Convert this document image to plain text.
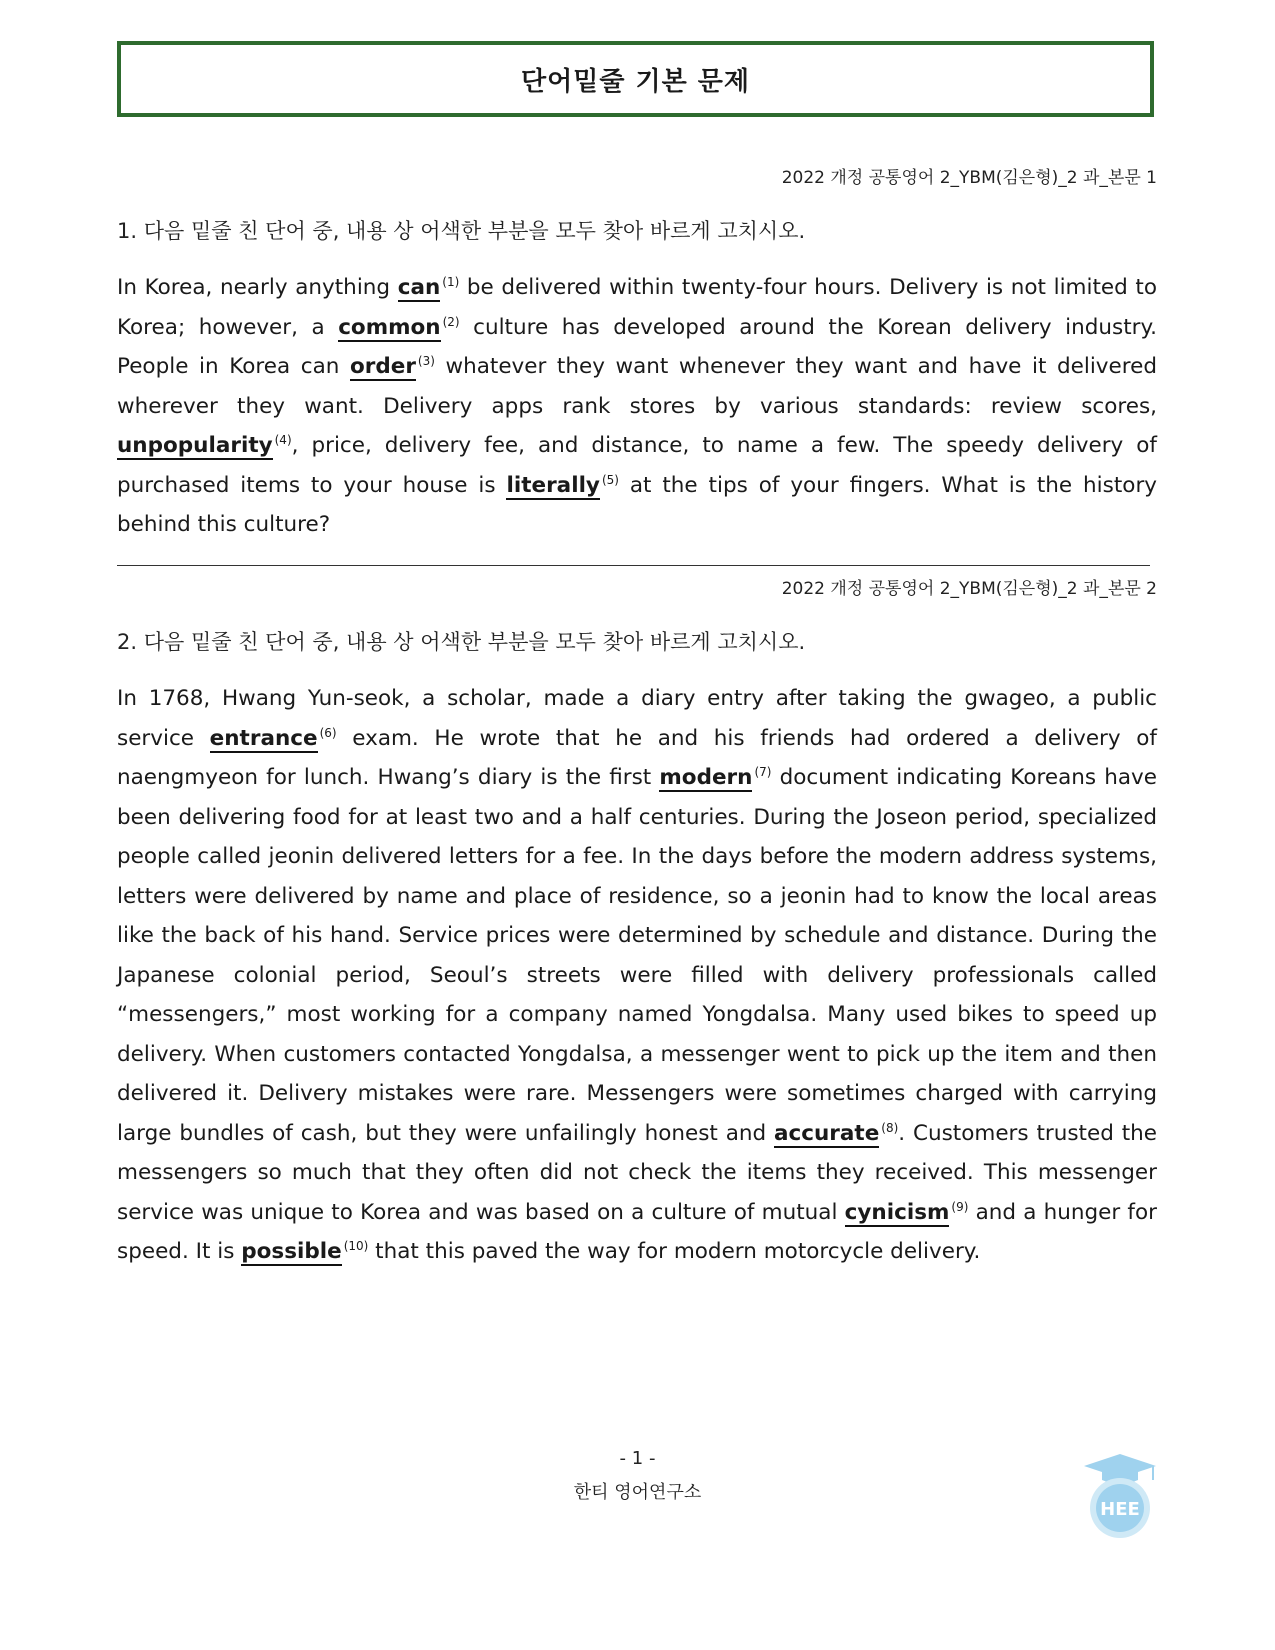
단어밑줄 기본 문제
2022 개정 공통영어 2_YBM(김은형)_2 과_본문 1
1. 다음 밑줄 친 단어 중, 내용 상 어색한 부분을 모두 찾아 바르게 고치시오.

In Korea, nearly anything can $^{(1)}$ be delivered within twenty-four hours. Delivery is not limited to Korea; however, a common $^{(2)}$ culture has developed around the Korean delivery industry. People in Korea can order $^{(3)}$ whatever they want whenever they want and have it delivered wherever they want. Delivery apps rank stores by various standards: review scores, unpopularity $^{(4)}$, price, delivery fee, and distance, to name a few. The speedy delivery of purchased items to your house is literally $^{(5)}$ at the tips of your fingers. What is the history behind this culture?

2022 개정 공통영어 2_YBM(김은형)_2 과_본문 2
2. 다음 밑줄 친 단어 중, 내용 상 어색한 부분을 모두 찾아 바르게 고치시오.

In 1768, Hwang Yun-seok, a scholar, made a diary entry after taking the gwageo, a public service entrance $^{(6)}$ exam. He wrote that he and his friends had ordered a delivery of naengmyeon for lunch. Hwang’s diary is the first modern $^{(7)}$ document indicating Koreans have been delivering food for at least two and a half centuries. During the Joseon period, specialized people called jeonin delivered letters for a fee. In the days before the modern address systems, letters were delivered by name and place of residence, so a jeonin had to know the local areas like the back of his hand. Service prices were determined by schedule and distance. During the Japanese colonial period, Seoul’s streets were filled with delivery professionals called “messengers,” most working for a company named Yongdalsa. Many used bikes to speed up delivery. When customers contacted Yongdalsa, a messenger went to pick up the item and then delivered it. Delivery mistakes were rare. Messengers were sometimes charged with carrying large bundles of cash, but they were unfailingly honest and accurate $^{(8)}$. Customers trusted the messengers so much that they often did not check the items they received. This messenger service was unique to Korea and was based on a culture of mutual cynicism $^{(9)}$ and a hunger for speed. It is possible $^{(10)}$ that this paved the way for modern motorcycle delivery.

- 1 -
한티 영어연구소
HEE
